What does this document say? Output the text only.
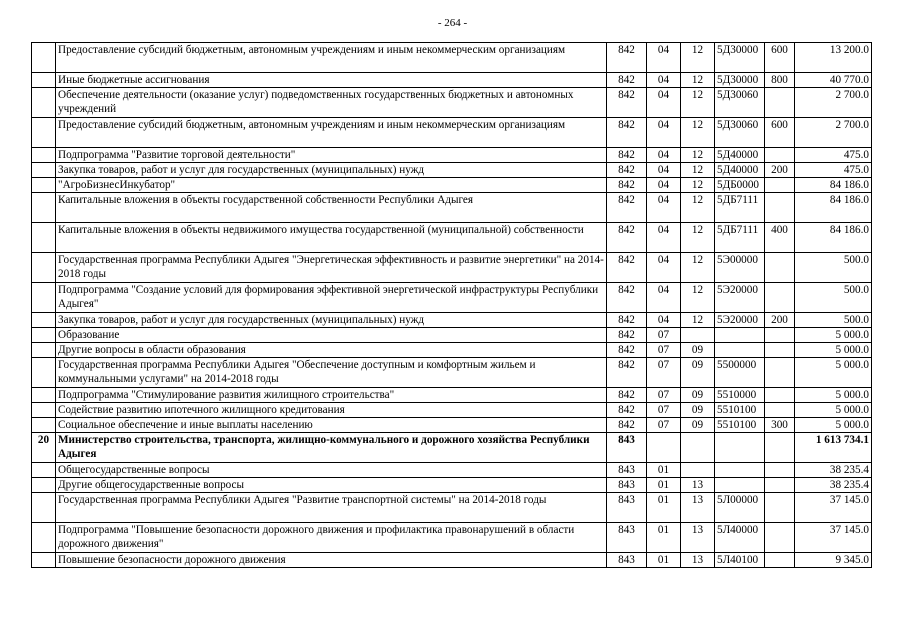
- 264 -
	Предоставление субсидий бюджетным, автономным учреждениям и иным некоммерческим организациям	842	04	12	5Д30000	600	13 200.0
	Иные бюджетные ассигнования	842	04	12	5Д30000	800	40 770.0
	Обеспечение деятельности (оказание услуг) подведомственных государственных бюджетных и автономных учреждений	842	04	12	5Д30060		2 700.0
	Предоставление субсидий бюджетным, автономным учреждениям и иным некоммерческим организациям	842	04	12	5Д30060	600	2 700.0
	Подпрограмма "Развитие торговой деятельности"	842	04	12	5Д40000		475.0
	Закупка товаров, работ и услуг для государственных (муниципальных) нужд	842	04	12	5Д40000	200	475.0
	"АгроБизнесИнкубатор"	842	04	12	5ДБ0000		84 186.0
	Капитальные вложения в объекты государственной собственности Республики Адыгея	842	04	12	5ДБ7111		84 186.0
	Капитальные вложения в объекты недвижимого имущества государственной (муниципальной) собственности	842	04	12	5ДБ7111	400	84 186.0
	Государственная программа Республики Адыгея "Энергетическая эффективность и развитие энергетики" на 2014-2018 годы	842	04	12	5Э00000		500.0
	Подпрограмма "Создание условий для формирования эффективной энергетической инфраструктуры Республики Адыгея"	842	04	12	5Э20000		500.0
	Закупка товаров, работ и услуг для государственных (муниципальных) нужд	842	04	12	5Э20000	200	500.0
	Образование	842	07				5 000.0
	Другие вопросы в области образования	842	07	09			5 000.0
	Государственная программа Республики Адыгея "Обеспечение доступным и комфортным жильем и коммунальными услугами" на 2014-2018 годы	842	07	09	5500000		5 000.0
	Подпрограмма "Стимулирование развития жилищного строительства"	842	07	09	5510000		5 000.0
	Содействие развитию ипотечного жилищного кредитования	842	07	09	5510100		5 000.0
	Социальное обеспечение и иные выплаты населению	842	07	09	5510100	300	5 000.0
20	Министерство строительства, транспорта, жилищно-коммунального и дорожного хозяйства Республики Адыгея	843					1 613 734.1
	Общегосударственные вопросы	843	01				38 235.4
	Другие общегосударственные вопросы	843	01	13			38 235.4
	Государственная программа Республики Адыгея "Развитие транспортной системы" на 2014-2018 годы	843	01	13	5Л00000		37 145.0
	Подпрограмма "Повышение безопасности дорожного движения и профилактика правонарушений в области дорожного движения"	843	01	13	5Л40000		37 145.0
	Повышение безопасности дорожного движения	843	01	13	5Л40100		9 345.0
